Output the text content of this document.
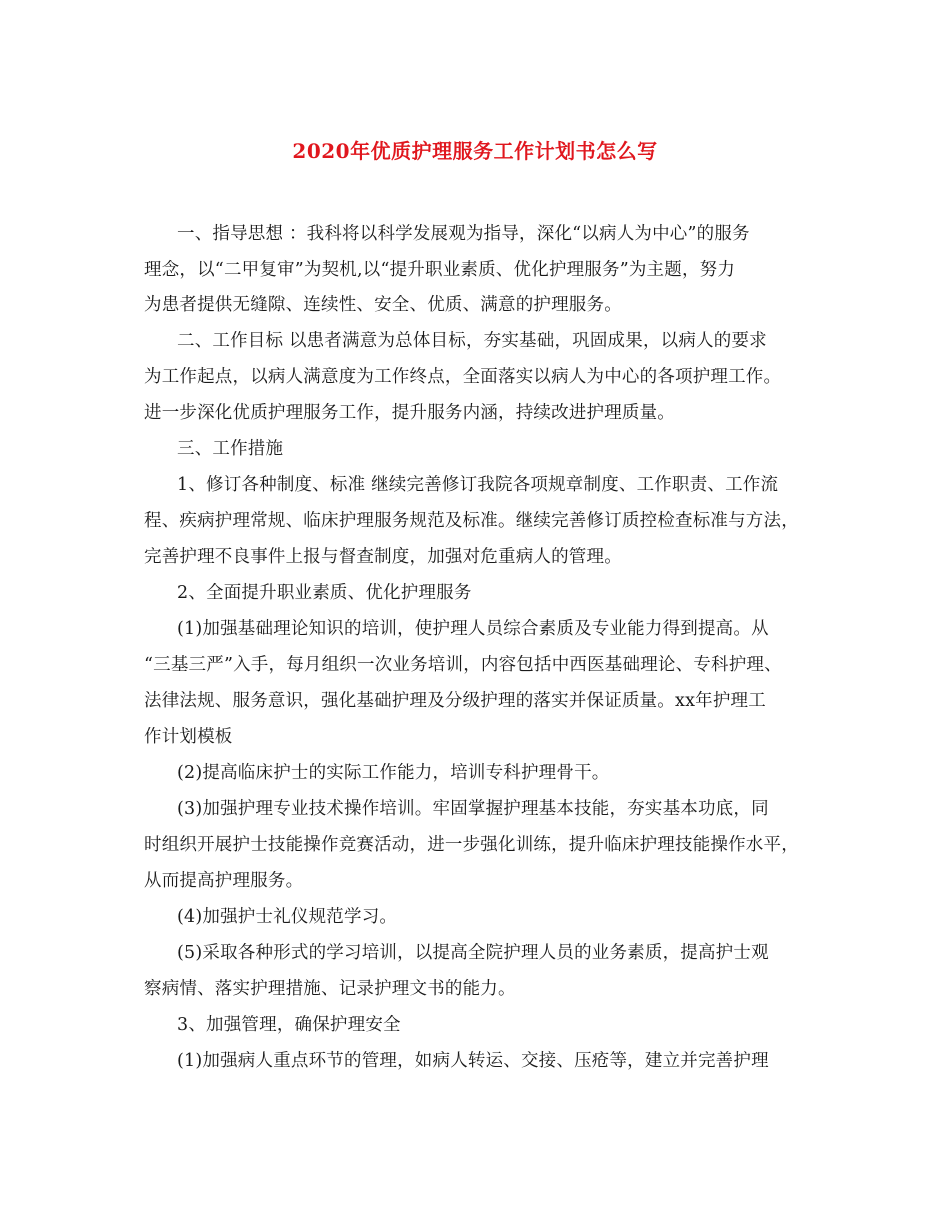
2020年优质护理服务工作计划书怎么写
一、指导思想 ：我科将以科学发展观为指导，深化“以病人为中心”的服务
理念，以“二甲复审”为契机,以“提升职业素质、优化护理服务”为主题，努力
为患者提供无缝隙、连续性、安全、优质、满意的护理服务。
二、工作目标 以患者满意为总体目标，夯实基础，巩固成果，以病人的要求
为工作起点，以病人满意度为工作终点，全面落实以病人为中心的各项护理工作。
进一步深化优质护理服务工作，提升服务内涵，持续改进护理质量。
三、工作措施
1、修订各种制度、标准 继续完善修订我院各项规章制度、工作职责、工作流
程、疾病护理常规、临床护理服务规范及标准。继续完善修订质控检查标准与方法，
完善护理不良事件上报与督查制度，加强对危重病人的管理。
2、全面提升职业素质、优化护理服务
(1)加强基础理论知识的培训，使护理人员综合素质及专业能力得到提高。从
“三基三严”入手，每月组织一次业务培训，内容包括中西医基础理论、专科护理、
法律法规、服务意识，强化基础护理及分级护理的落实并保证质量。xx年护理工
作计划模板
(2)提高临床护士的实际工作能力，培训专科护理骨干。
(3)加强护理专业技术操作培训。牢固掌握护理基本技能，夯实基本功底，同
时组织开展护士技能操作竞赛活动，进一步强化训练，提升临床护理技能操作水平，
从而提高护理服务。
(4)加强护士礼仪规范学习。
(5)采取各种形式的学习培训，以提高全院护理人员的业务素质，提高护士观
察病情、落实护理措施、记录护理文书的能力。
3、加强管理，确保护理安全
(1)加强病人重点环节的管理，如病人转运、交接、压疮等，建立并完善护理
